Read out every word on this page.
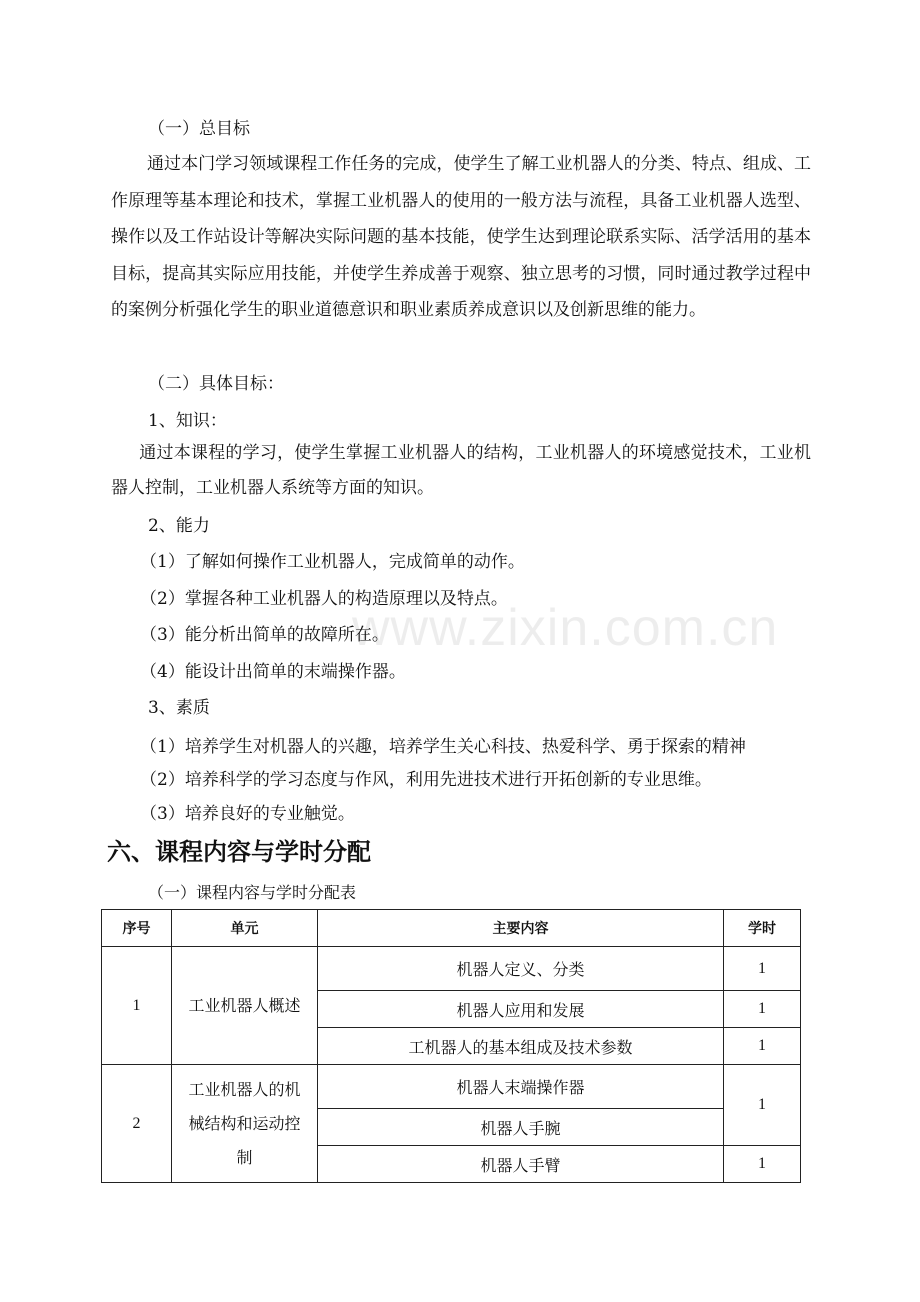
www.zixin.com.cn
（一）总目标
通过本门学习领域课程工作任务的完成，使学生了解工业机器人的分类、特点、组成、工作原理等基本理论和技术，掌握工业机器人的使用的一般方法与流程，具备工业机器人选型、操作以及工作站设计等解决实际问题的基本技能，使学生达到理论联系实际、活学活用的基本目标，提高其实际应用技能，并使学生养成善于观察、独立思考的习惯，同时通过教学过程中的案例分析强化学生的职业道德意识和职业素质养成意识以及创新思维的能力。
（二）具体目标：
1、知识：
通过本课程的学习，使学生掌握工业机器人的结构，工业机器人的环境感觉技术，工业机器人控制，工业机器人系统等方面的知识。
2、能力
（1）了解如何操作工业机器人，完成简单的动作。
（2）掌握各种工业机器人的构造原理以及特点。
（3）能分析出简单的故障所在。
（4）能设计出简单的末端操作器。
3、素质
（1）培养学生对机器人的兴趣，培养学生关心科技、热爱科学、勇于探索的精神
（2）培养科学的学习态度与作风，利用先进技术进行开拓创新的专业思维。
（3）培养良好的专业触觉。
六、课程内容与学时分配
（一）课程内容与学时分配表
序号	单元	主要内容	学时
1	工业机器人概述	机器人定义、分类	1
		机器人应用和发展	1
		工机器人的基本组成及技术参数	1
2	工业机器人的机械结构和运动控制	机器人末端操作器	1
		机器人手腕	
		机器人手臂	1
